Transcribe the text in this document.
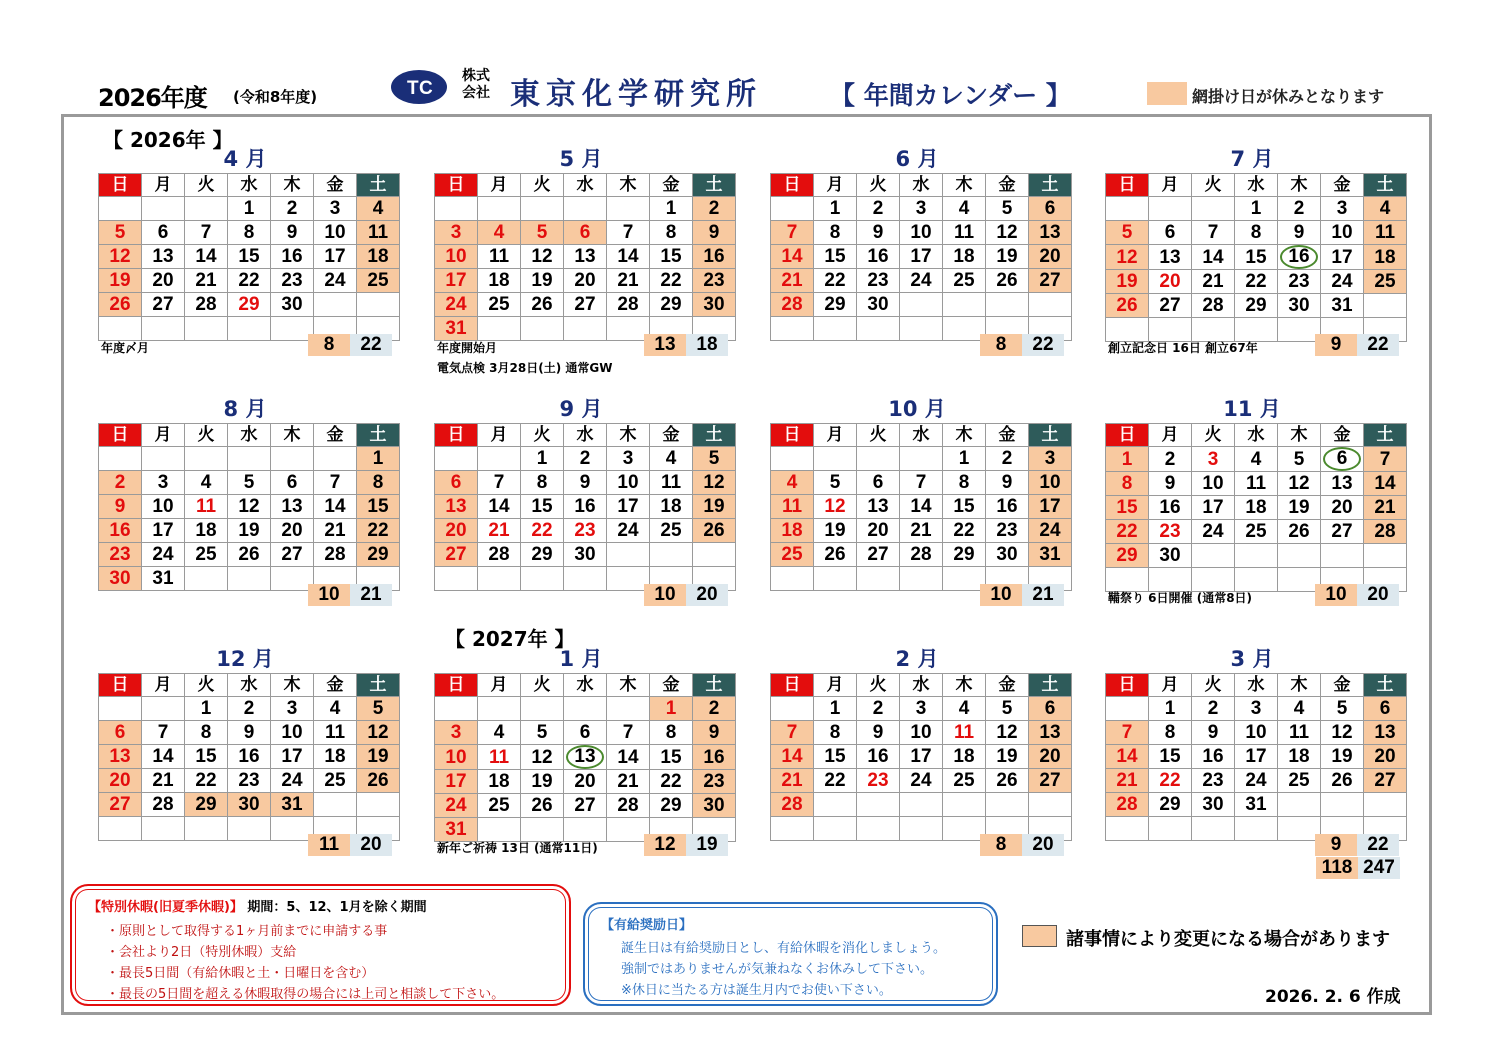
2026年度 (令和8年度)	T C
株式
会社 東京化学研究所	【 年間カレンダー 】	網掛け日が休みとなります
【 2026年 】
【 2027年 】
4 月
日	月	火	水	木	金	土
			1	2	3	4
5	6	7	8	9	10	11
12	13	14	15	16	17	18
19	20	21	22	23	24	25
26	27	28	29	30		

年度〆月	8	22
5 月
日	月	火	水	木	金	土
					1	2
3	4	5	6	7	8	9
10	11	12	13	14	15	16
17	18	19	20	21	22	23
24	25	26	27	28	29	30
31						
年度開始月
電気点検 3月28日(土) 通常GW
13	18
6 月
日	月	火	水	木	金	土
	1	2	3	4	5	6
7	8	9	10	11	12	13
14	15	16	17	18	19	20
21	22	23	24	25	26	27
28	29	30				

8	22
7 月
日	月	火	水	木	金	土
			1	2	3	4
5	6	7	8	9	10	11
12	13	14	15	16	17	18
19	20	21	22	23	24	25
26	27	28	29	30	31	

創立記念日 16日 創立67年	9	22
8 月
日	月	火	水	木	金	土
						1
2	3	4	5	6	7	8
9	10	11	12	13	14	15
16	17	18	19	20	21	22
23	24	25	26	27	28	29
30	31					
10	21
9 月
日	月	火	水	木	金	土
		1	2	3	4	5
6	7	8	9	10	11	12
13	14	15	16	17	18	19
20	21	22	23	24	25	26
27	28	29	30			

10	20
10 月
日	月	火	水	木	金	土
				1	2	3
4	5	6	7	8	9	10
11	12	13	14	15	16	17
18	19	20	21	22	23	24
25	26	27	28	29	30	31

10	21
11 月
日	月	火	水	木	金	土
1	2	3	4	5	6	7
8	9	10	11	12	13	14
15	16	17	18	19	20	21
22	23	24	25	26	27	28
29	30					

鞴祭り 6日開催 (通常8日)	10	20
12 月
日	月	火	水	木	金	土
		1	2	3	4	5
6	7	8	9	10	11	12
13	14	15	16	17	18	19
20	21	22	23	24	25	26
27	28	29	30	31		

11	20
1 月
日	月	火	水	木	金	土
					1	2
3	4	5	6	7	8	9
10	11	12	13	14	15	16
17	18	19	20	21	22	23
24	25	26	27	28	29	30
31						
新年ご祈祷 13日 (通常11日)	12	19
2 月
日	月	火	水	木	金	土
	1	2	3	4	5	6
7	8	9	10	11	12	13
14	15	16	17	18	19	20
21	22	23	24	25	26	27
28						

8	20
3 月
日	月	火	水	木	金	土
	1	2	3	4	5	6
7	8	9	10	11	12	13
14	15	16	17	18	19	20
21	22	23	24	25	26	27
28	29	30	31			

9	22
118 247
【特別休暇(旧夏季休暇)】 期間：5、12、1月を除く期間
・原則として取得する1ヶ月前までに申請する事
・会社より2日（特別休暇）支給
・最長5日間（有給休暇と土・日曜日を含む）
・最長の5日間を超える休暇取得の場合には上司と相談して下さい。
【有給奨励日】
誕生日は有給奨励日とし、有給休暇を消化しましょう。
強制ではありませんが気兼ねなくお休みして下さい。
※休日に当たる方は誕生月内でお使い下さい。
諸事情により変更になる場合があります
2026. 2. 6 作成
